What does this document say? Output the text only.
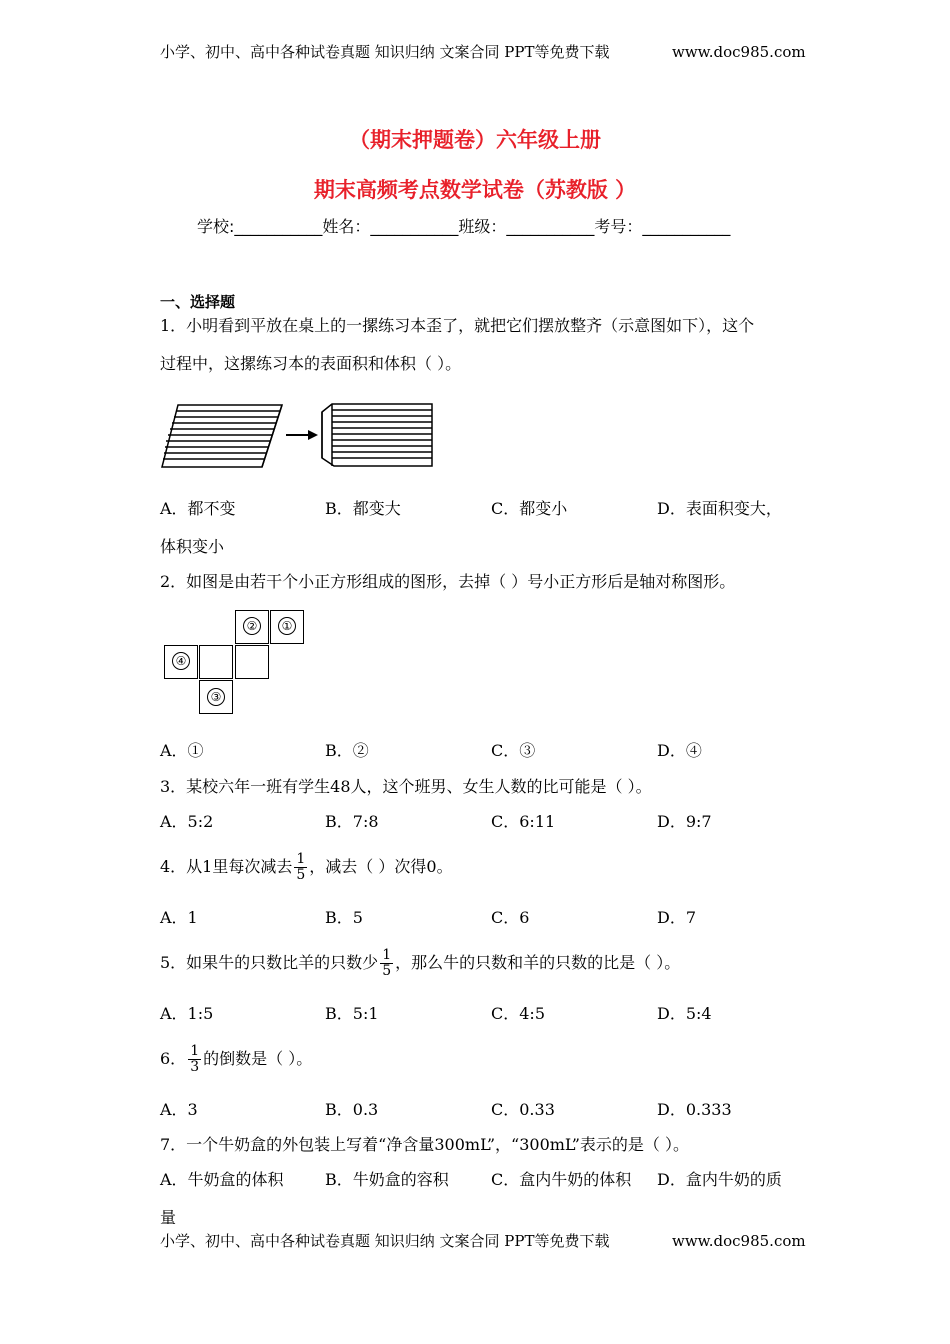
小学、初中、高中各种试卷真题 知识归纳 文案合同 PPT等免费下载	www.doc985.com
（期末押题卷）六年级上册
期末高频考点数学试卷（苏教版 ）
学校:___________姓名：___________班级：___________考号：___________
一、选择题
1．小明看到平放在桌上的一摞练习本歪了，就把它们摆放整齐（示意图如下），这个
过程中，这摞练习本的表面积和体积（ ）。
A．都不变	B．都变大	C．都变小	D．表面积变大，
体积变小
2．如图是由若干个小正方形组成的图形，去掉（ ）号小正方形后是轴对称图形。
②	①
④
③
A．①	B．②	C．③	D．④
3．某校六年一班有学生48人，这个班男、女生人数的比可能是（ ）。
A．5:2	B．7:8	C．6:11	D．9:7
4．从1里每次减去 $\frac{1}{5}$ ，减去（ ）次得0。
A．1	B．5	C．6	D．7
5．如果牛的只数比羊的只数少 $\frac{1}{5}$ ，那么牛的只数和羊的只数的比是（ ）。
A．1:5	B．5:1	C．4:5	D．5:4
6． $\frac{1}{3}$ 的倒数是（ ）。
A．3	B．0.3	C．0.33	D．0.333
7．一个牛奶盒的外包装上写着“净含量300mL”，“300mL”表示的是（ ）。
A．牛奶盒的体积	B．牛奶盒的容积	C．盒内牛奶的体积 D．盒内牛奶的质
量
小学、初中、高中各种试卷真题 知识归纳 文案合同 PPT等免费下载	www.doc985.com
